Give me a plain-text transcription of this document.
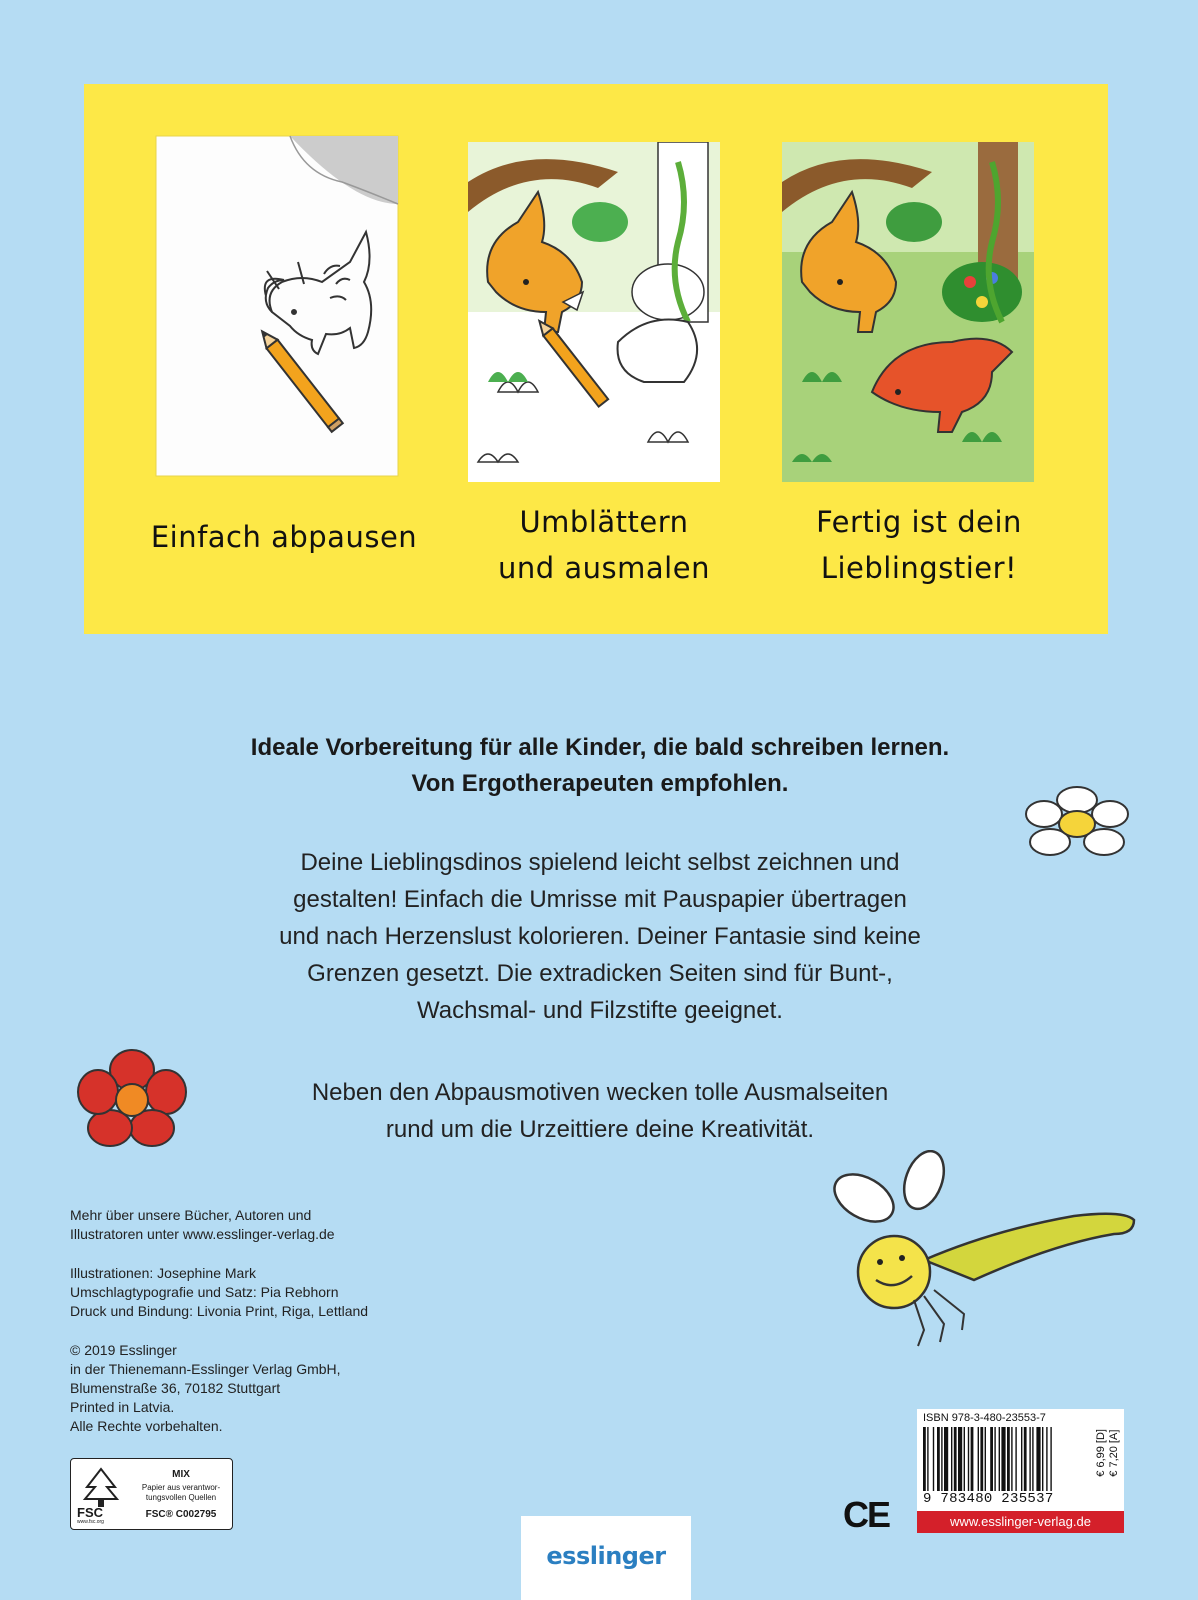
Einfach abpausen	Umblättern
und ausmalen
Fertig ist dein
Lieblingstier!
Ideale Vorbereitung für alle Kinder, die bald schreiben lernen.
Von Ergotherapeuten empfohlen.
Deine Lieblingsdinos spielend leicht selbst zeichnen und
gestalten! Einfach die Umrisse mit Pauspapier übertragen
und nach Herzenslust kolorieren. Deiner Fantasie sind keine
Grenzen gesetzt. Die extradicken Seiten sind für Bunt-,
Wachsmal- und Filzstifte geeignet.
Neben den Abpausmotiven wecken tolle Ausmalseiten
rund um die Urzeittiere deine Kreativität.
Mehr über unsere Bücher, Autoren und
Illustratoren unter www.esslinger-verlag.de
Illustrationen: Josephine Mark
Umschlagtypografie und Satz: Pia Rebhorn
Druck und Bindung: Livonia Print, Riga, Lettland
© 2019 Esslinger
in der Thienemann-Esslinger Verlag GmbH,
Blumenstraße 36, 70182 Stuttgart
Printed in Latvia.
Alle Rechte vorbehalten.
FSC
www.fsc.org
MIX
Papier aus verantwor-
tungsvollen Quellen
FSC® C002795
esslinger
CE
ISBN 978-3-480-23553-7
9 783480 235537
€ 6,99 [D] € 7,20 [A]
www.esslinger-verlag.de
